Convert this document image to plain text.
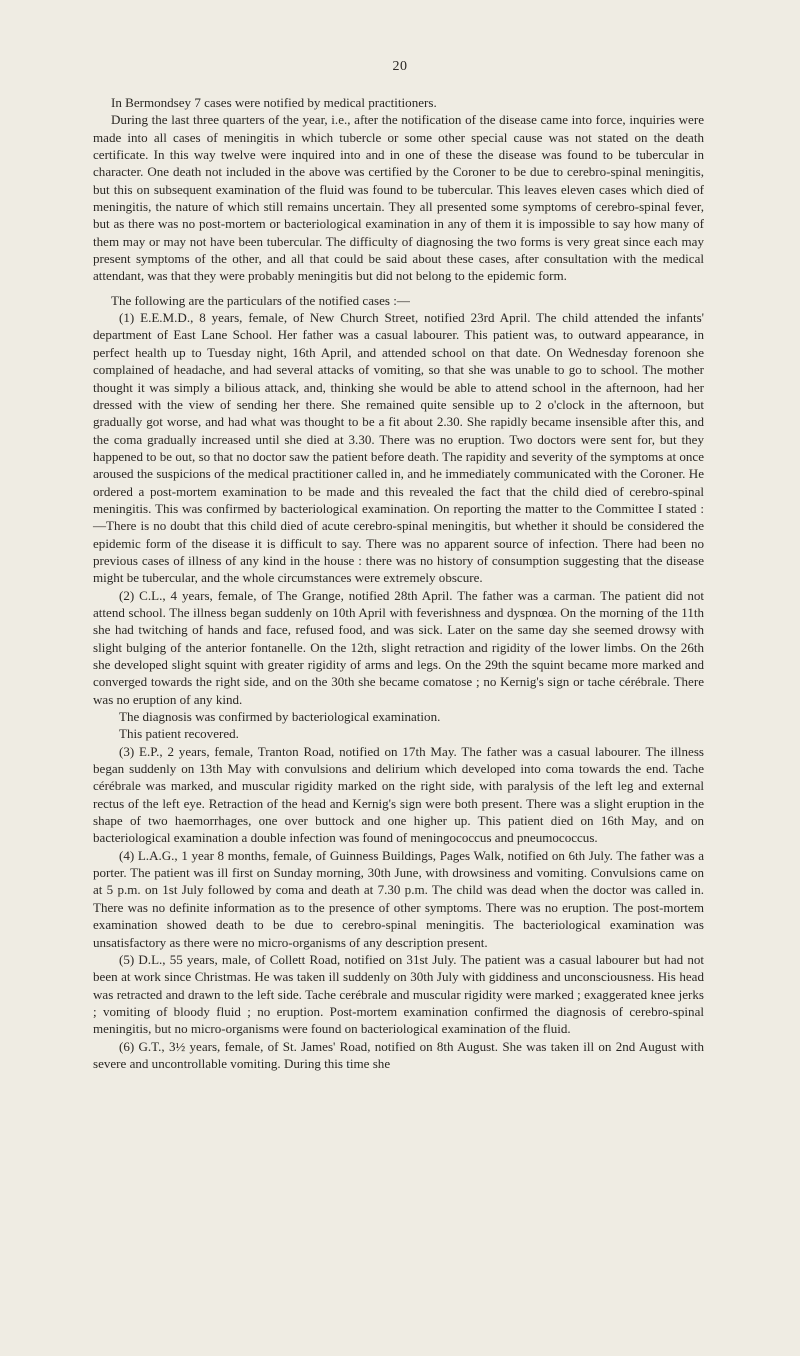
20

In Bermondsey 7 cases were notified by medical practitioners.

During the last three quarters of the year, i.e., after the notification of the disease came into force, inquiries were made into all cases of meningitis in which tubercle or some other special cause was not stated on the death certificate. In this way twelve were inquired into and in one of these the disease was found to be tubercular in character. One death not included in the above was certified by the Coroner to be due to cerebro-spinal meningitis, but this on subsequent examination of the fluid was found to be tubercular. This leaves eleven cases which died of meningitis, the nature of which still remains uncertain. They all presented some symptoms of cerebro-spinal fever, but as there was no post-mortem or bacteriological examination in any of them it is impossible to say how many of them may or may not have been tubercular. The difficulty of diagnosing the two forms is very great since each may present symptoms of the other, and all that could be said about these cases, after consultation with the medical attendant, was that they were probably meningitis but did not belong to the epidemic form.

The following are the particulars of the notified cases :—

(1) E.E.M.D., 8 years, female, of New Church Street, notified 23rd April. The child attended the infants' department of East Lane School. Her father was a casual labourer. This patient was, to outward appearance, in perfect health up to Tuesday night, 16th April, and attended school on that date. On Wednesday forenoon she complained of headache, and had several attacks of vomiting, so that she was unable to go to school. The mother thought it was simply a bilious attack, and, thinking she would be able to attend school in the afternoon, had her dressed with the view of sending her there. She remained quite sensible up to 2 o'clock in the afternoon, but gradually got worse, and had what was thought to be a fit about 2.30. She rapidly became insensible after this, and the coma gradually increased until she died at 3.30. There was no eruption. Two doctors were sent for, but they happened to be out, so that no doctor saw the patient before death. The rapidity and severity of the symptoms at once aroused the suspicions of the medical practitioner called in, and he immediately communicated with the Coroner. He ordered a post-mortem examination to be made and this revealed the fact that the child died of cerebro-spinal meningitis. This was confirmed by bacteriological examination. On reporting the matter to the Committee I stated :—There is no doubt that this child died of acute cerebro-spinal meningitis, but whether it should be considered the epidemic form of the disease it is difficult to say. There was no apparent source of infection. There had been no previous cases of illness of any kind in the house : there was no history of consumption suggesting that the disease might be tubercular, and the whole circumstances were extremely obscure.

(2) C.L., 4 years, female, of The Grange, notified 28th April. The father was a carman. The patient did not attend school. The illness began suddenly on 10th April with feverishness and dyspnœa. On the morning of the 11th she had twitching of hands and face, refused food, and was sick. Later on the same day she seemed drowsy with slight bulging of the anterior fontanelle. On the 12th, slight retraction and rigidity of the lower limbs. On the 26th she developed slight squint with greater rigidity of arms and legs. On the 29th the squint became more marked and converged towards the right side, and on the 30th she became comatose ; no Kernig's sign or tache cérébrale. There was no eruption of any kind.

The diagnosis was confirmed by bacteriological examination.

This patient recovered.

(3) E.P., 2 years, female, Tranton Road, notified on 17th May. The father was a casual labourer. The illness began suddenly on 13th May with convulsions and delirium which developed into coma towards the end. Tache cérébrale was marked, and muscular rigidity marked on the right side, with paralysis of the left leg and external rectus of the left eye. Retraction of the head and Kernig's sign were both present. There was a slight eruption in the shape of two haemorrhages, one over buttock and one higher up. This patient died on 16th May, and on bacteriological examination a double infection was found of meningococcus and pneumococcus.

(4) L.A.G., 1 year 8 months, female, of Guinness Buildings, Pages Walk, notified on 6th July. The father was a porter. The patient was ill first on Sunday morning, 30th June, with drowsiness and vomiting. Convulsions came on at 5 p.m. on 1st July followed by coma and death at 7.30 p.m. The child was dead when the doctor was called in. There was no definite information as to the presence of other symptoms. There was no eruption. The post-mortem examination showed death to be due to cerebro-spinal meningitis. The bacteriological examination was unsatisfactory as there were no micro-organisms of any description present.

(5) D.L., 55 years, male, of Collett Road, notified on 31st July. The patient was a casual labourer but had not been at work since Christmas. He was taken ill suddenly on 30th July with giddiness and unconsciousness. His head was retracted and drawn to the left side. Tache cerébrale and muscular rigidity were marked ; exaggerated knee jerks ; vomiting of bloody fluid ; no eruption. Post-mortem examination confirmed the diagnosis of cerebro-spinal meningitis, but no micro-organisms were found on bacteriological examination of the fluid.

(6) G.T., 3½ years, female, of St. James' Road, notified on 8th August. She was taken ill on 2nd August with severe and uncontrollable vomiting. During this time she
